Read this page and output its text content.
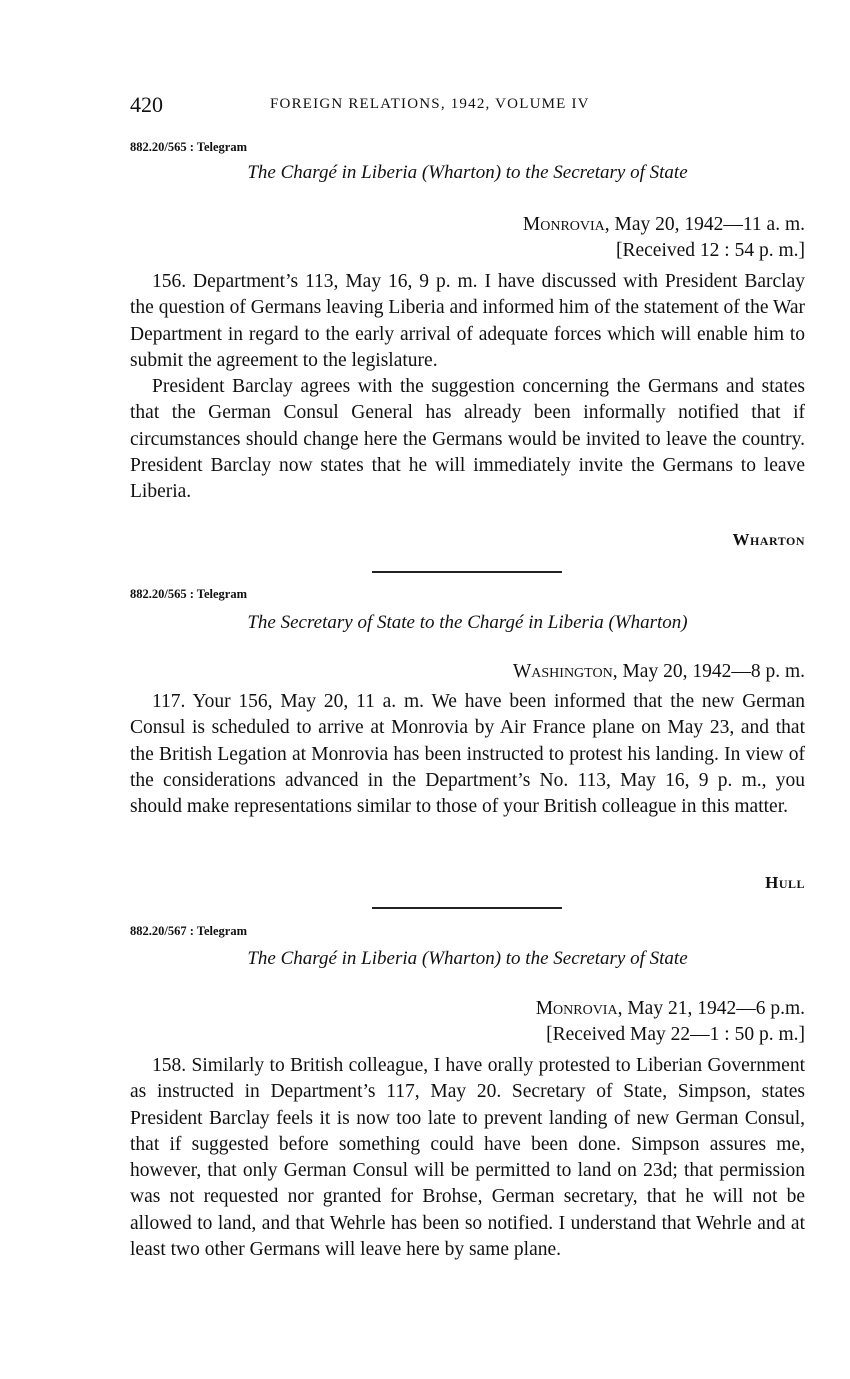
420	FOREIGN RELATIONS, 1942, VOLUME IV
882.20/565 : Telegram
The Chargé in Liberia (Wharton) to the Secretary of State
Monrovia, May 20, 1942—11 a. m.
[Received 12 : 54 p. m.]

156. Department’s 113, May 16, 9 p. m. I have discussed with President Barclay the question of Germans leaving Liberia and informed him of the statement of the War Department in regard to the early arrival of adequate forces which will enable him to submit the agreement to the legislature.

President Barclay agrees with the suggestion concerning the Germans and states that the German Consul General has already been informally notified that if circumstances should change here the Germans would be invited to leave the country. President Barclay now states that he will immediately invite the Germans to leave Liberia.

Wharton
882.20/565 : Telegram
The Secretary of State to the Chargé in Liberia (Wharton)
Washington, May 20, 1942—8 p. m.

117. Your 156, May 20, 11 a. m. We have been informed that the new German Consul is scheduled to arrive at Monrovia by Air France plane on May 23, and that the British Legation at Monrovia has been instructed to protest his landing. In view of the considerations advanced in the Department’s No. 113, May 16, 9 p. m., you should make representations similar to those of your British colleague in this matter.

Hull
882.20/567 : Telegram
The Chargé in Liberia (Wharton) to the Secretary of State
Monrovia, May 21, 1942—6 p.m.
[Received May 22—1 : 50 p. m.]

158. Similarly to British colleague, I have orally protested to Liberian Government as instructed in Department’s 117, May 20. Secretary of State, Simpson, states President Barclay feels it is now too late to prevent landing of new German Consul, that if suggested before something could have been done. Simpson assures me, however, that only German Consul will be permitted to land on 23d; that permission was not requested nor granted for Brohse, German secretary, that he will not be allowed to land, and that Wehrle has been so notified. I understand that Wehrle and at least two other Germans will leave here by same plane.
